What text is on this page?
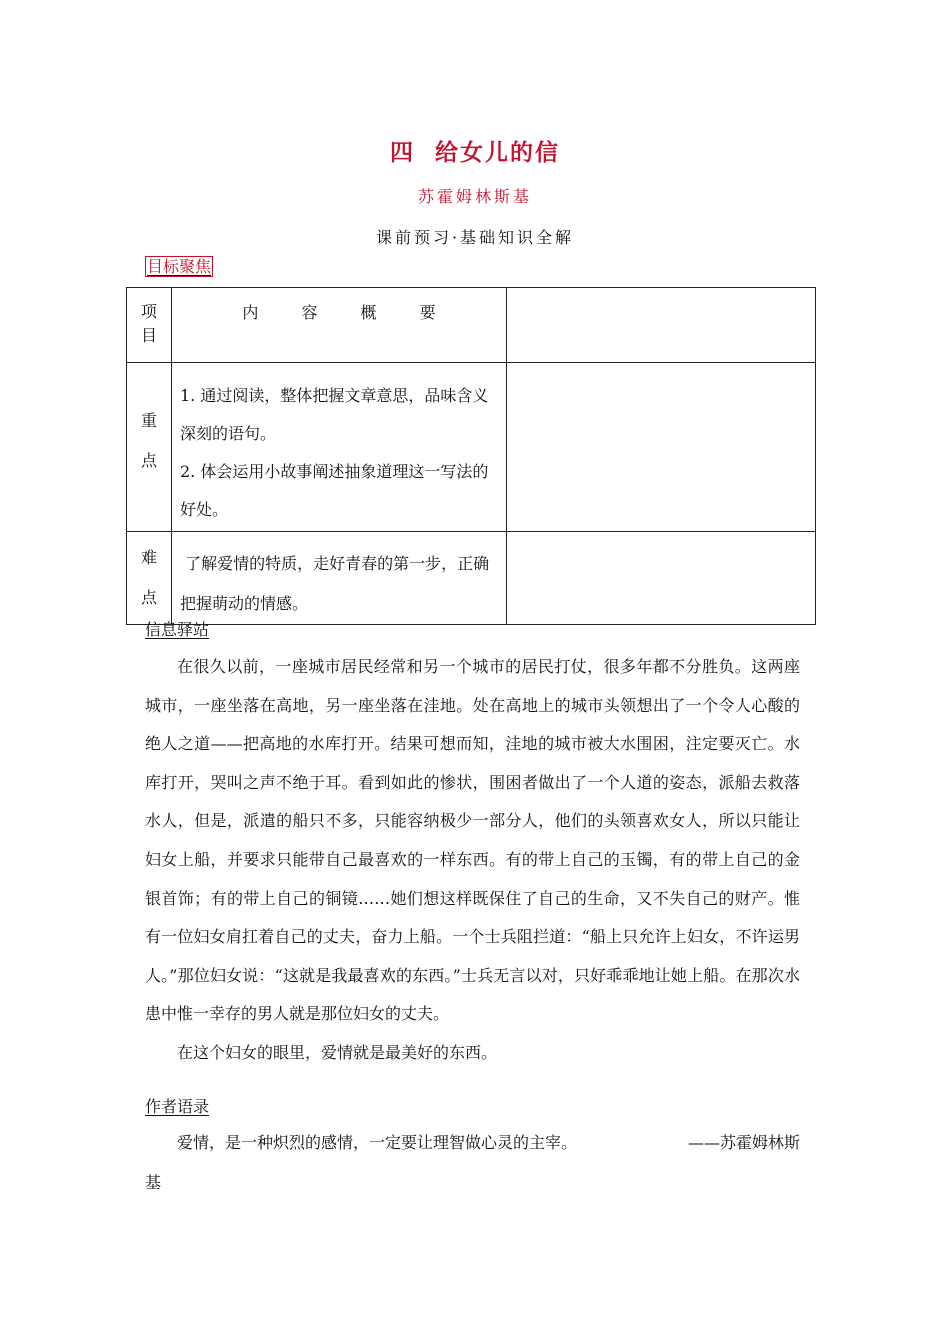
四 给女儿的信
苏霍姆林斯基
课前预习·基础知识全解
目标聚焦
项目	内 容 概 要	
重点	1. 通过阅读，整体把握文章意思，品味含义深刻的语句。
2. 体会运用小故事阐述抽象道理这一写法的好处。	

难点	了解爱情的特质，走好青春的第一步，正确把握萌动的情感。	

信息驿站

在很久以前，一座城市居民经常和另一个城市的居民打仗，很多年都不分胜负。这两座城市，一座坐落在高地，另一座坐落在洼地。处在高地上的城市头领想出了一个令人心酸的绝人之道——把高地的水库打开。结果可想而知，洼地的城市被大水围困，注定要灭亡。水库打开，哭叫之声不绝于耳。看到如此的惨状，围困者做出了一个人道的姿态，派船去救落水人，但是，派遣的船只不多，只能容纳极少一部分人，他们的头领喜欢女人，所以只能让妇女上船，并要求只能带自己最喜欢的一样东西。有的带上自己的玉镯，有的带上自己的金银首饰；有的带上自己的铜镜……她们想这样既保住了自己的生命，又不失自己的财产。惟有一位妇女肩扛着自己的丈夫，奋力上船。一个士兵阻拦道：“船上只允许上妇女，不许运男人。”那位妇女说：“这就是我最喜欢的东西。”士兵无言以对，只好乖乖地让她上船。在那次水患中惟一幸存的男人就是那位妇女的丈夫。

在这个妇女的眼里，爱情就是最美好的东西。

作者语录
爱情，是一种炽烈的感情，一定要让理智做心灵的主宰。	——苏霍姆林斯
基
